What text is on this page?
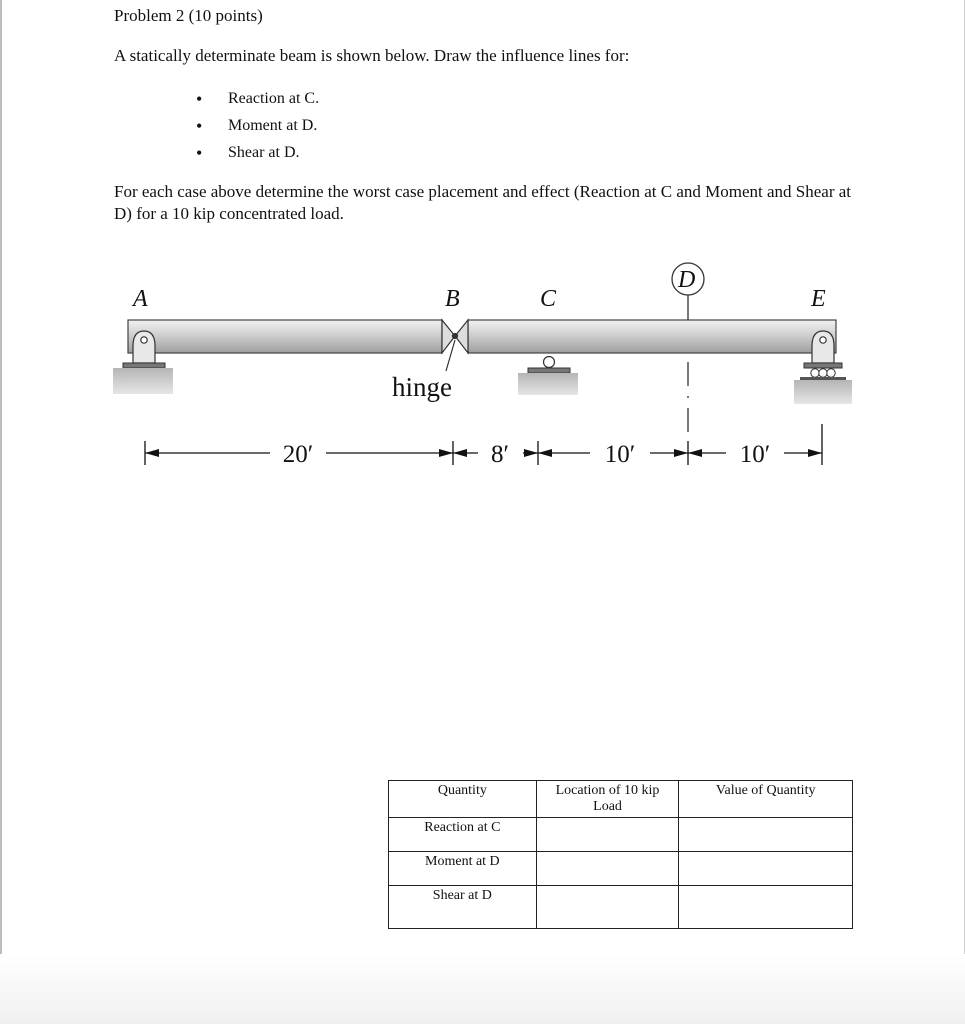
Problem 2 (10 points)
A statically determinate beam is shown below. Draw the influence lines for:
• Reaction at C.
• Moment at D.
• Shear at D.
For each case above determine the worst case placement and effect (Reaction at C and Moment and Shear at D) for a 10 kip concentrated load.
A	B	C
D
E
hinge
20′	8′	10′	10′
Quantity	Location of 10 kip Load	Value of Quantity
Reaction at C		
Moment at D		
Shear at D		
